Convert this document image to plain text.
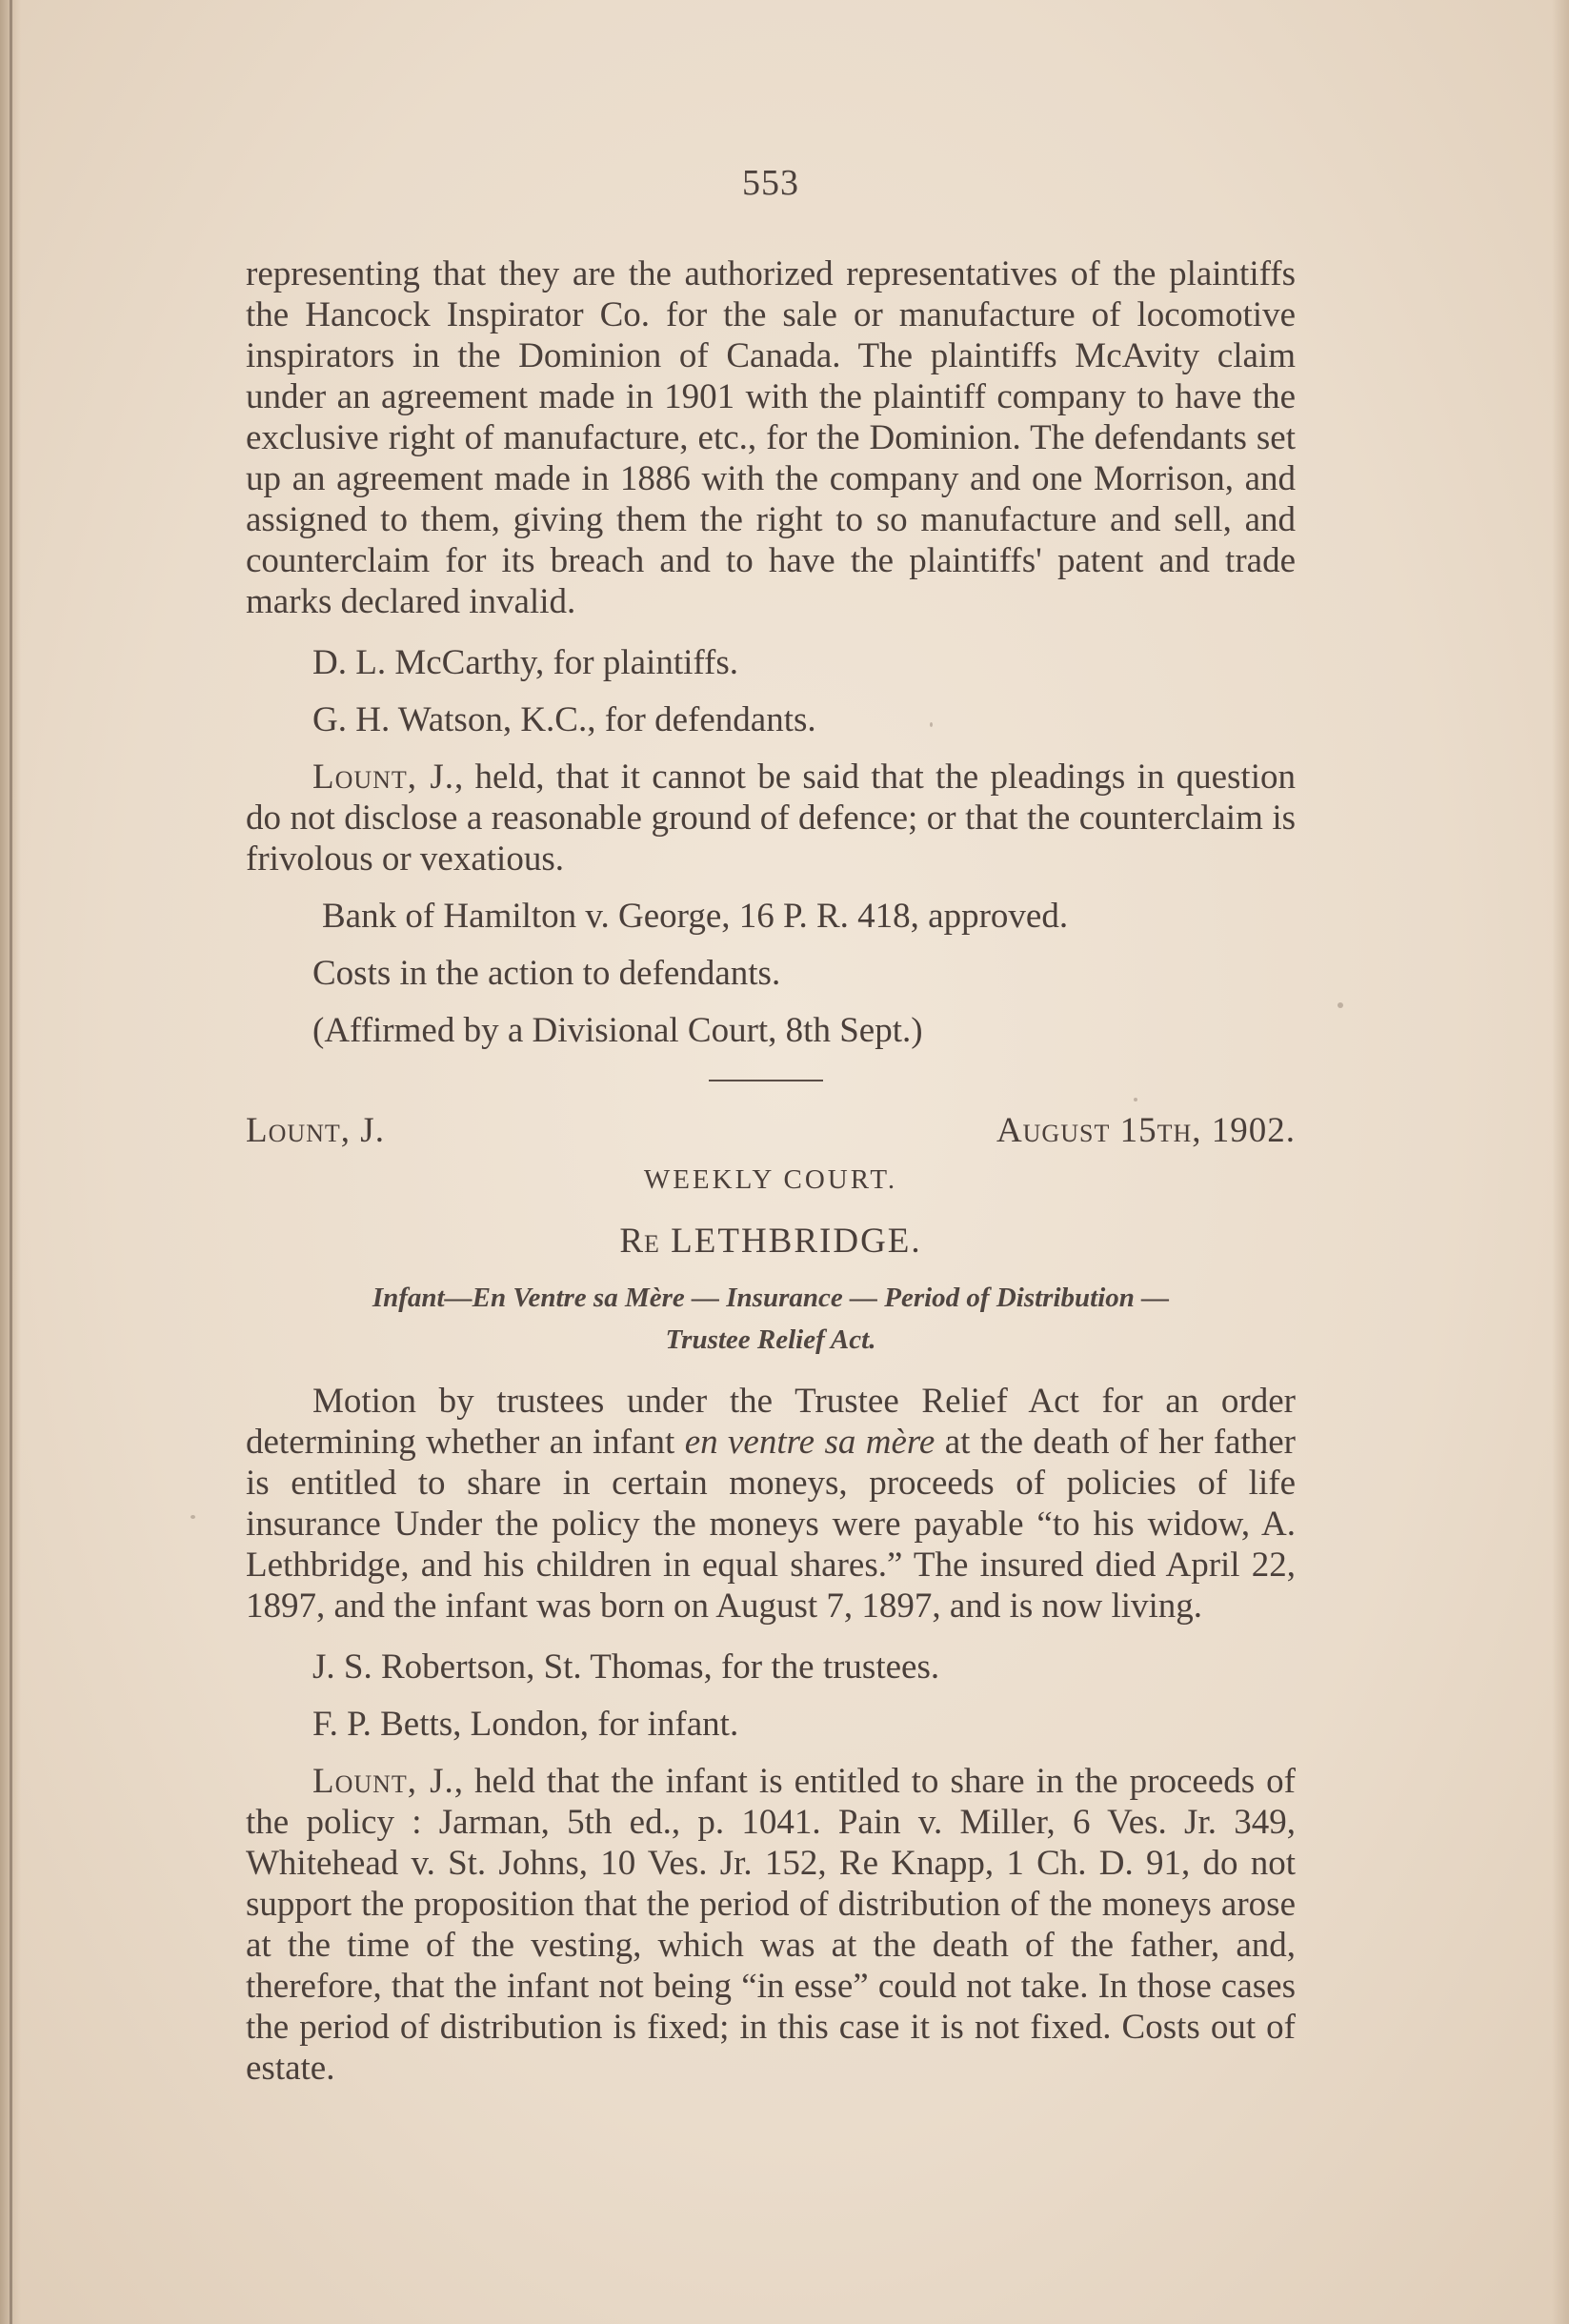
553

representing that they are the authorized representatives of the plaintiffs the Hancock Inspirator Co. for the sale or manufacture of locomotive inspirators in the Dominion of Canada. The plaintiffs McAvity claim under an agreement made in 1901 with the plaintiff company to have the exclusive right of manufacture, etc., for the Dominion. The defendants set up an agreement made in 1886 with the company and one Morrison, and assigned to them, giving them the right to so manufacture and sell, and counterclaim for its breach and to have the plaintiffs' patent and trade marks declared invalid.

D. L. McCarthy, for plaintiffs.

G. H. Watson, K.C., for defendants.

Lount, J., held, that it cannot be said that the pleadings in question do not disclose a reasonable ground of defence; or that the counterclaim is frivolous or vexatious.

Bank of Hamilton v. George, 16 P. R. 418, approved.

Costs in the action to defendants.

(Affirmed by a Divisional Court, 8th Sept.)

Lount, J.	August 15th, 1902.
WEEKLY COURT.
Re LETHBRIDGE.
Infant—En Ventre sa Mère — Insurance — Period of Distribution —
Trustee Relief Act.

Motion by trustees under the Trustee Relief Act for an order determining whether an infant en ventre sa mère at the death of her father is entitled to share in certain moneys, proceeds of policies of life insurance Under the policy the moneys were payable “to his widow, A. Lethbridge, and his children in equal shares.” The insured died April 22, 1897, and the infant was born on August 7, 1897, and is now living.

J. S. Robertson, St. Thomas, for the trustees.

F. P. Betts, London, for infant.

Lount, J., held that the infant is entitled to share in the proceeds of the policy : Jarman, 5th ed., p. 1041. Pain v. Miller, 6 Ves. Jr. 349, Whitehead v. St. Johns, 10 Ves. Jr. 152, Re Knapp, 1 Ch. D. 91, do not support the proposition that the period of distribution of the moneys arose at the time of the vesting, which was at the death of the father, and, therefore, that the infant not being “in esse” could not take. In those cases the period of distribution is fixed; in this case it is not fixed. Costs out of estate.
